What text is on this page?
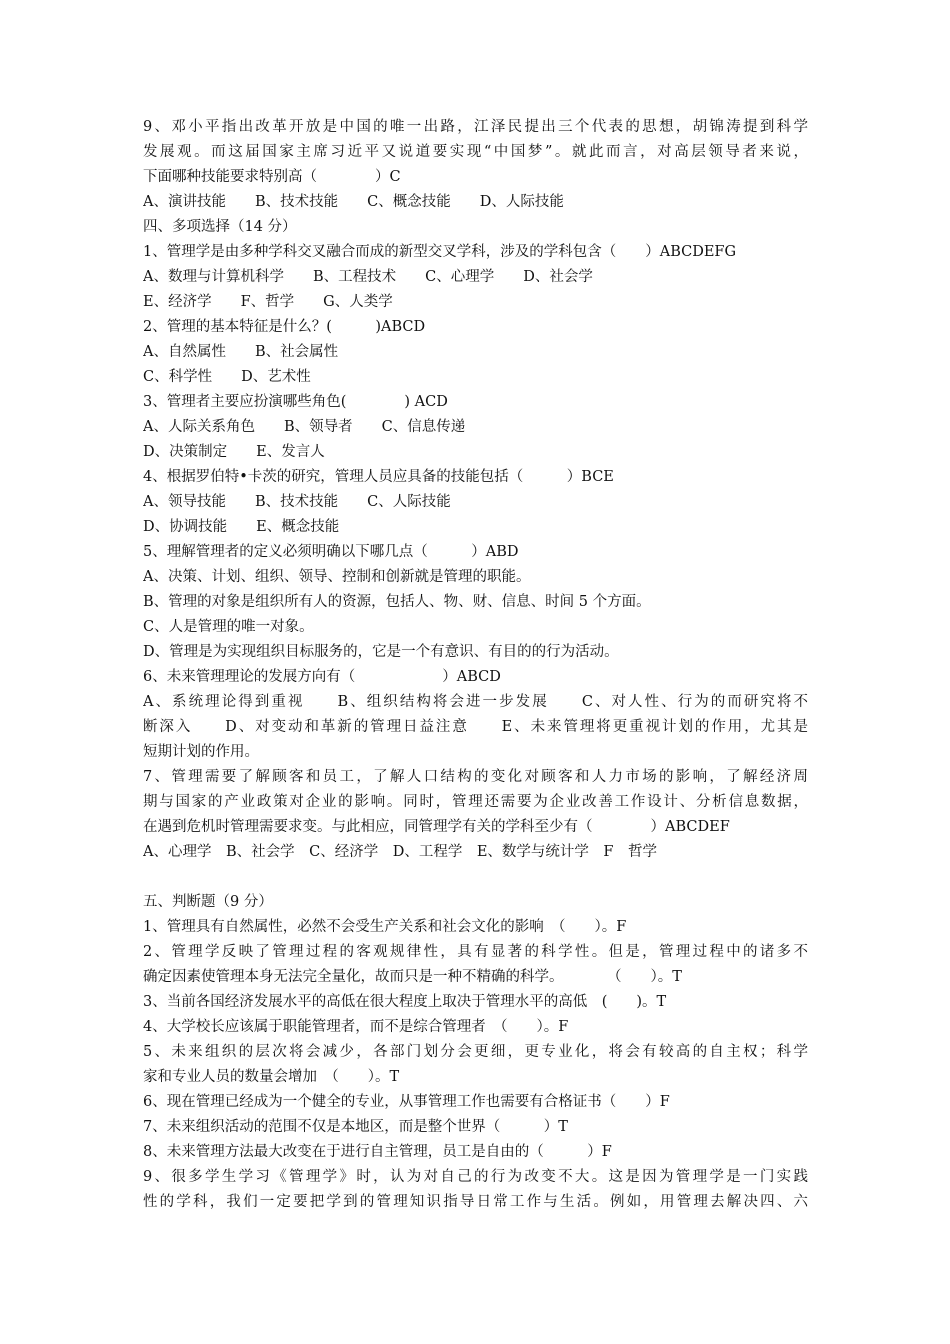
9、邓小平指出改革开放是中国的唯一出路，江泽民提出三个代表的思想，胡锦涛提到科学
发展观。而这届国家主席习近平又说道要实现“中国梦”。就此而言，对高层领导者来说，
下面哪种技能要求特别高（　　　　）C
A、演讲技能　　B、技术技能　　C、概念技能　　D、人际技能
四、多项选择（14 分）
1、管理学是由多种学科交叉融合而成的新型交叉学科，涉及的学科包含（　　）ABCDEFG
A、数理与计算机科学　　B、工程技术　　C、心理学　　D、社会学
E、经济学　　F、哲学　　G、人类学
2、管理的基本特征是什么？(　　　)ABCD
A、自然属性　　B、社会属性
C、科学性　　D、艺术性
3、管理者主要应扮演哪些角色(　　　　) ACD
A、人际关系角色　　B、领导者　　C、信息传递
D、决策制定　　E、发言人
4、根据罗伯特•卡茨的研究，管理人员应具备的技能包括（　　　）BCE
A、领导技能　　B、技术技能　　C、人际技能
D、协调技能　　E、概念技能
5、理解管理者的定义必须明确以下哪几点（　　　）ABD
A、决策、计划、组织、领导、控制和创新就是管理的职能。
B、管理的对象是组织所有人的资源，包括人、物、财、信息、时间 5 个方面。
C、人是管理的唯一对象。
D、管理是为实现组织目标服务的，它是一个有意识、有目的的行为活动。
6、未来管理理论的发展方向有（　　　　　　）ABCD
A、系统理论得到重视　　B、组织结构将会进一步发展　　C、对人性、行为的而研究将不
断深入　　D、对变动和革新的管理日益注意　　E、未来管理将更重视计划的作用，尤其是
短期计划的作用。
7、管理需要了解顾客和员工，了解人口结构的变化对顾客和人力市场的影响，了解经济周
期与国家的产业政策对企业的影响。同时，管理还需要为企业改善工作设计、分析信息数据，
在遇到危机时管理需要求变。与此相应，同管理学有关的学科至少有（　　　　）ABCDEF
A、心理学　B、社会学　C、经济学　D、工程学　E、数学与统计学　F　哲学
五、判断题（9 分）
1、管理具有自然属性，必然不会受生产关系和社会文化的影响　（　　）。F
2、管理学反映了管理过程的客观规律性，具有显著的科学性。但是，管理过程中的诸多不
确定因素使管理本身无法完全量化，故而只是一种不精确的科学。　　　　（　　）。T
3、当前各国经济发展水平的高低在很大程度上取决于管理水平的高低　(　　)。T
4、大学校长应该属于职能管理者，而不是综合管理者　（　　）。F
5、未来组织的层次将会减少，各部门划分会更细，更专业化，将会有较高的自主权；科学
家和专业人员的数量会增加　（　　）。T
6、现在管理已经成为一个健全的专业，从事管理工作也需要有合格证书（　　）F
7、未来组织活动的范围不仅是本地区，而是整个世界（　　　）T
8、未来管理方法最大改变在于进行自主管理，员工是自由的（　　　）F
9、很多学生学习《管理学》时，认为对自己的行为改变不大。这是因为管理学是一门实践
性的学科，我们一定要把学到的管理知识指导日常工作与生活。例如，用管理去解决四、六
